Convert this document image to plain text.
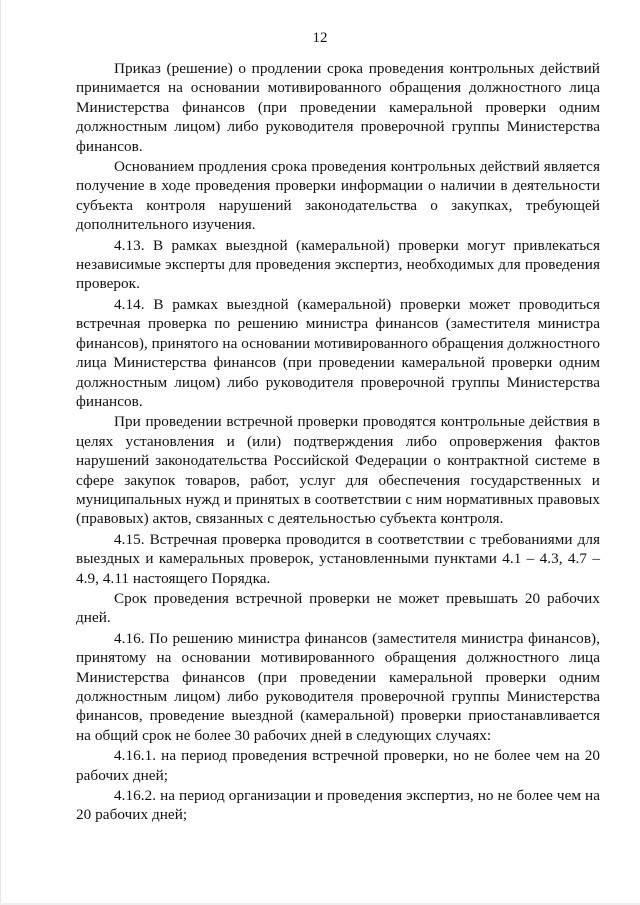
12

Приказ (решение) о продлении срока проведения контрольных действий принимается на основании мотивированного обращения должностного лица Министерства финансов (при проведении камеральной проверки одним должностным лицом) либо руководителя проверочной группы Министерства финансов.

Основанием продления срока проведения контрольных действий является получение в ходе проведения проверки информации о наличии в деятельности субъекта контроля нарушений законодательства о закупках, требующей дополнительного изучения.

4.13. В рамках выездной (камеральной) проверки могут привлекаться независимые эксперты для проведения экспертиз, необходимых для проведения проверок.

4.14. В рамках выездной (камеральной) проверки может проводиться встречная проверка по решению министра финансов (заместителя министра финансов), принятого на основании мотивированного обращения должностного лица Министерства финансов (при проведении камеральной проверки одним должностным лицом) либо руководителя проверочной группы Министерства финансов.

При проведении встречной проверки проводятся контрольные действия в целях установления и (или) подтверждения либо опровержения фактов нарушений законодательства Российской Федерации о контрактной системе в сфере закупок товаров, работ, услуг для обеспечения государственных и муниципальных нужд и принятых в соответствии с ним нормативных правовых (правовых) актов, связанных с деятельностью субъекта контроля.

4.15. Встречная проверка проводится в соответствии с требованиями для выездных и камеральных проверок, установленными пунктами 4.1 – 4.3, 4.7 – 4.9, 4.11 настоящего Порядка.

Срок проведения встречной проверки не может превышать 20 рабочих дней.

4.16. По решению министра финансов (заместителя министра финансов), принятому на основании мотивированного обращения должностного лица Министерства финансов (при проведении камеральной проверки одним должностным лицом) либо руководителя проверочной группы Министерства финансов, проведение выездной (камеральной) проверки приостанавливается на общий срок не более 30 рабочих дней в следующих случаях:

4.16.1. на период проведения встречной проверки, но не более чем на 20 рабочих дней;

4.16.2. на период организации и проведения экспертиз, но не более чем на 20 рабочих дней;
